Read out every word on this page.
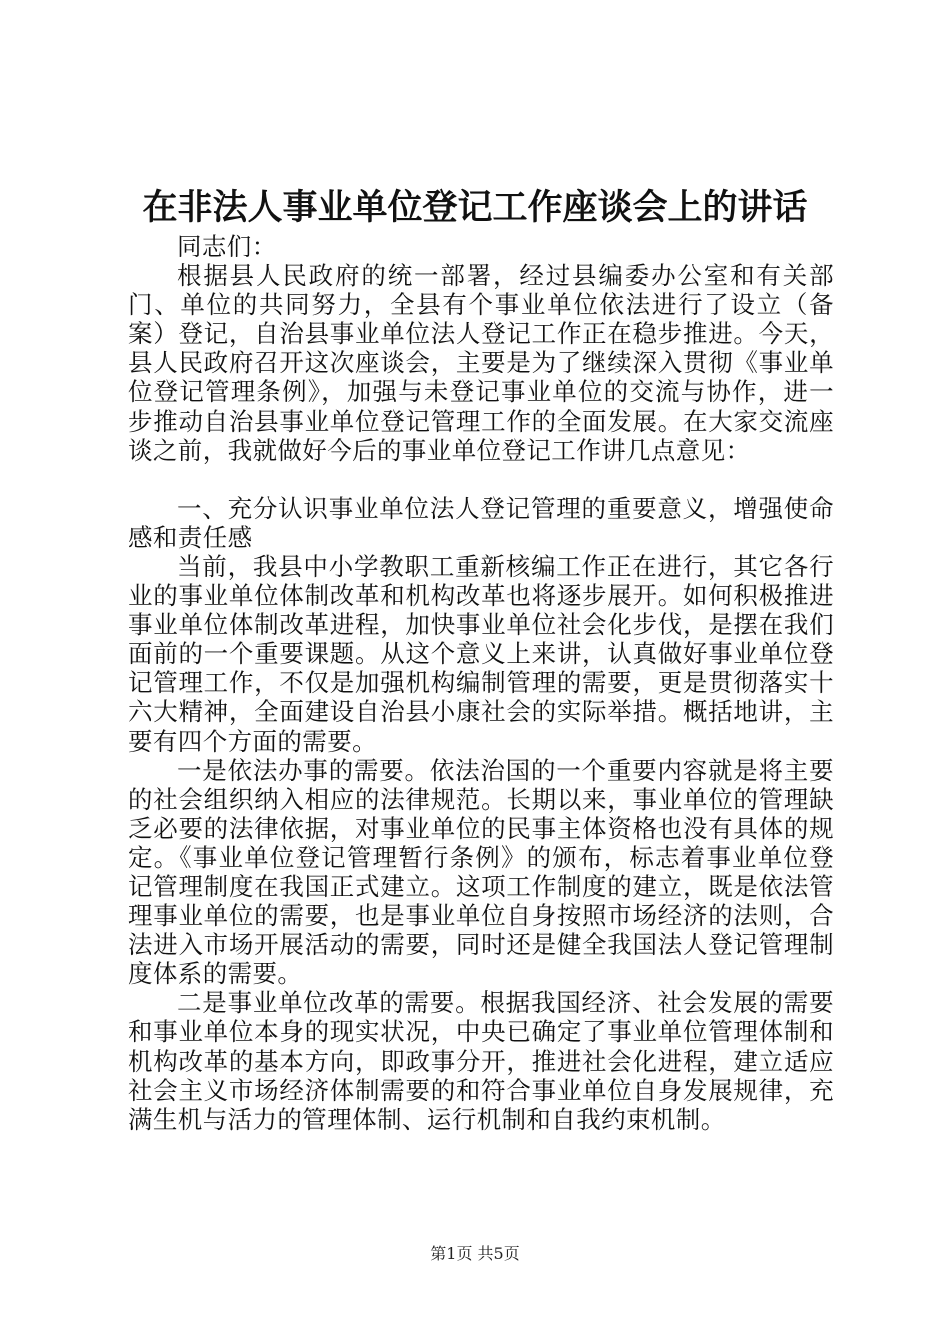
在非法人事业单位登记工作座谈会上的讲话

同志们：

根据县人民政府的统一部署，经过县编委办公室和有关部门、单位的共同努力，全县有个事业单位依法进行了设立（备案）登记，自治县事业单位法人登记工作正在稳步推进。今天，县人民政府召开这次座谈会，主要是为了继续深入贯彻《事业单位登记管理条例》，加强与未登记事业单位的交流与协作，进一步推动自治县事业单位登记管理工作的全面发展。在大家交流座谈之前，我就做好今后的事业单位登记工作讲几点意见：

一、充分认识事业单位法人登记管理的重要意义，增强使命感和责任感

当前，我县中小学教职工重新核编工作正在进行，其它各行业的事业单位体制改革和机构改革也将逐步展开。如何积极推进事业单位体制改革进程，加快事业单位社会化步伐，是摆在我们面前的一个重要课题。从这个意义上来讲，认真做好事业单位登记管理工作，不仅是加强机构编制管理的需要，更是贯彻落实十六大精神，全面建设自治县小康社会的实际举措。概括地讲，主要有四个方面的需要。

一是依法办事的需要。依法治国的一个重要内容就是将主要的社会组织纳入相应的法律规范。长期以来，事业单位的管理缺乏必要的法律依据，对事业单位的民事主体资格也没有具体的规定。《事业单位登记管理暂行条例》的颁布，标志着事业单位登记管理制度在我国正式建立。这项工作制度的建立，既是依法管理事业单位的需要，也是事业单位自身按照市场经济的法则，合法进入市场开展活动的需要，同时还是健全我国法人登记管理制度体系的需要。

二是事业单位改革的需要。根据我国经济、社会发展的需要和事业单位本身的现实状况，中央已确定了事业单位管理体制和机构改革的基本方向，即政事分开，推进社会化进程，建立适应社会主义市场经济体制需要的和符合事业单位自身发展规律，充满生机与活力的管理体制、运行机制和自我约束机制。

第1页 共5页
